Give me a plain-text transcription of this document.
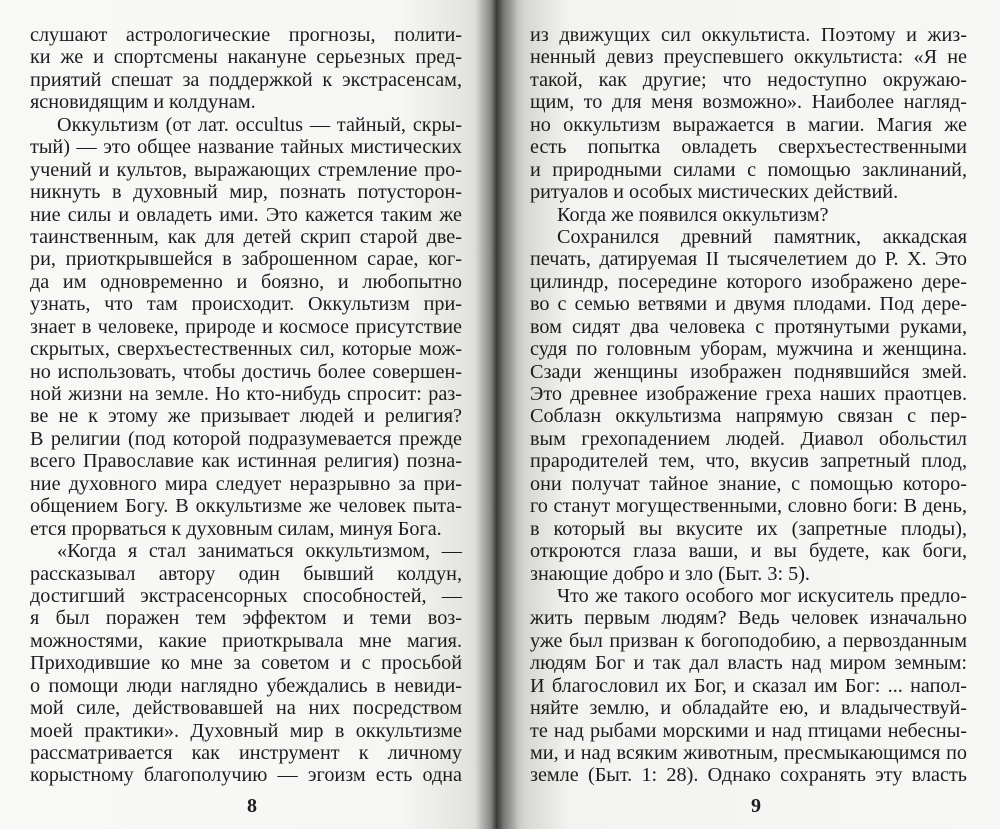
слушают астрологические прогнозы, полити-
ки же и спортсмены накануне серьезных пред-
приятий спешат за поддержкой к экстрасенсам,
ясновидящим и колдунам.
Оккультизм (от лат. occultus — тайный, скры-
тый) — это общее название тайных мистических
учений и культов, выражающих стремление про-
никнуть в духовный мир, познать потусторон-
ние силы и овладеть ими. Это кажется таким же
таинственным, как для детей скрип старой две-
ри, приоткрывшейся в заброшенном сарае, ког-
да им одновременно и боязно, и любопытно
узнать, что там происходит. Оккультизм при-
знает в человеке, природе и космосе присутствие
скрытых, сверхъестественных сил, которые мож-
но использовать, чтобы достичь более совершен-
ной жизни на земле. Но кто-нибудь спросит: раз-
ве не к этому же призывает людей и религия?
В религии (под которой подразумевается прежде
всего Православие как истинная религия) позна-
ние духовного мира следует неразрывно за при-
общением Богу. В оккультизме же человек пыта-
ется прорваться к духовным силам, минуя Бога.
«Когда я стал заниматься оккультизмом, —
рассказывал автору один бывший колдун,
достигший экстрасенсорных способностей, —
я был поражен тем эффектом и теми воз-
можностями, какие приоткрывала мне магия.
Приходившие ко мне за советом и с просьбой
о помощи люди наглядно убеждались в невиди-
мой силе, действовавшей на них посредством
моей практики». Духовный мир в оккультизме
рассматривается как инструмент к личному
корыстному благополучию — эгоизм есть одна
8
из движущих сил оккультиста. Поэтому и жиз-
ненный девиз преуспевшего оккультиста: «Я не
такой, как другие; что недоступно окружаю-
щим, то для меня возможно». Наиболее нагляд-
но оккультизм выражается в магии. Магия же
есть попытка овладеть сверхъестественными
и природными силами с помощью заклинаний,
ритуалов и особых мистических действий.
Когда же появился оккультизм?
Сохранился древний памятник, аккадская
печать, датируемая II тысячелетием до Р. Х. Это
цилиндр, посередине которого изображено дере-
во с семью ветвями и двумя плодами. Под дере-
вом сидят два человека с протянутыми руками,
судя по головным уборам, мужчина и женщина.
Сзади женщины изображен поднявшийся змей.
Это древнее изображение греха наших праотцев.
Соблазн оккультизма напрямую связан с пер-
вым грехопадением людей. Диавол обольстил
прародителей тем, что, вкусив запретный плод,
они получат тайное знание, с помощью которо-
го станут могущественными, словно боги: В день,
в который вы вкусите их (запретные плоды),
откроются глаза ваши, и вы будете, как боги,
знающие добро и зло (Быт. 3: 5).
Что же такого особого мог искуситель предло-
жить первым людям? Ведь человек изначально
уже был призван к богоподобию, а первозданным
людям Бог и так дал власть над миром земным:
И благословил их Бог, и сказал им Бог: ... напол-
няйте землю, и обладайте ею, и владычествуй-
те над рыбами морскими и над птицами небесны-
ми, и над всяким животным, пресмыкающимся по
земле (Быт. 1: 28). Однако сохранять эту власть
9
